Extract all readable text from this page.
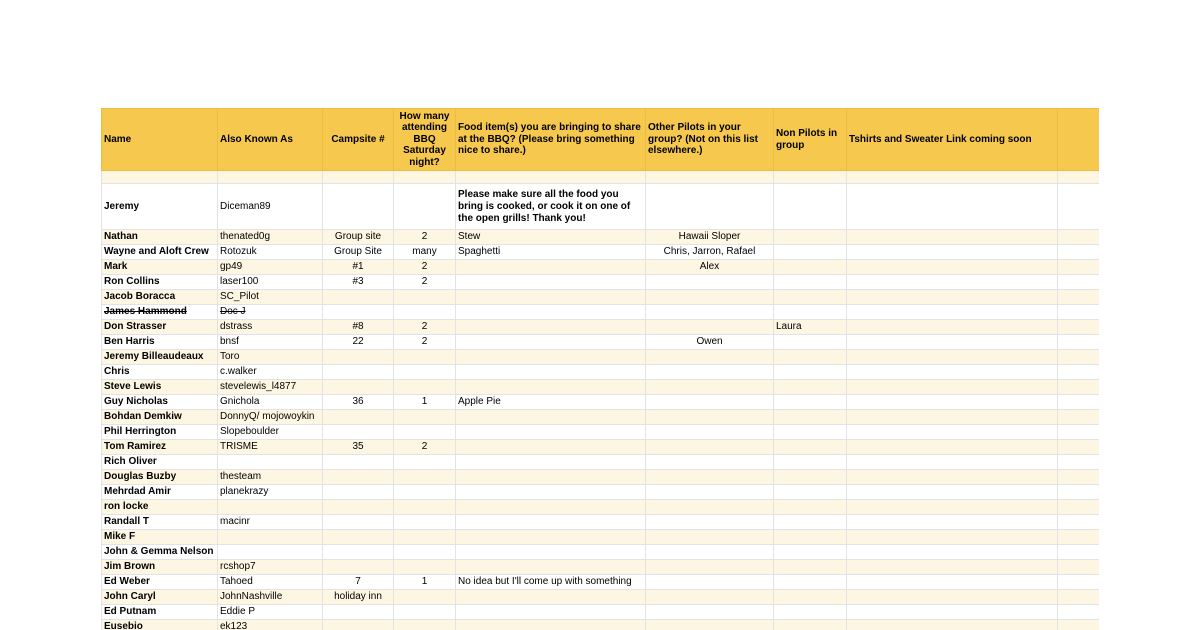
Name	Also Known As	Campsite #	How many attending BBQ Saturday night?	Food item(s) you are bringing to share at the BBQ? (Please bring something nice to share.)	Other Pilots in your group? (Not on this list elsewhere.)	Non Pilots in group	Tshirts and Sweater Link coming soon	

Jeremy	Diceman89			Please make sure all the food you bring is cooked, or cook it on one of the open grills! Thank you!				
Nathan	thenated0g	Group site	2	Stew	Hawaii Sloper			
Wayne and Aloft Crew	Rotozuk	Group Site	many	Spaghetti	Chris, Jarron, Rafael			
Mark	gp49	#1	2		Alex			
Ron Collins	laser100	#3	2					
Jacob Boracca	SC_Pilot							
James Hammond	Doc J							
Don Strasser	dstrass	#8	2			Laura		
Ben Harris	bnsf	22	2		Owen			
Jeremy Billeaudeaux	Toro							
Chris	c.walker							
Steve Lewis	stevelewis_l4877							
Guy Nicholas	Gnichola	36	1	Apple Pie				
Bohdan Demkiw	DonnyQ/ mojowoykin							
Phil Herrington	Slopeboulder							
Tom Ramirez	TRISME	35	2					
Rich Oliver								
Douglas Buzby	thesteam							
Mehrdad Amir	planekrazy							
ron locke								
Randall T	macinr							
Mike F								
John & Gemma Nelson								
Jim Brown	rcshop7							
Ed Weber	Tahoed	7	1	No idea but I'll come up with something				
John Caryl	JohnNashville	holiday inn						
Ed Putnam	Eddie P							
Eusebio	ek123							
